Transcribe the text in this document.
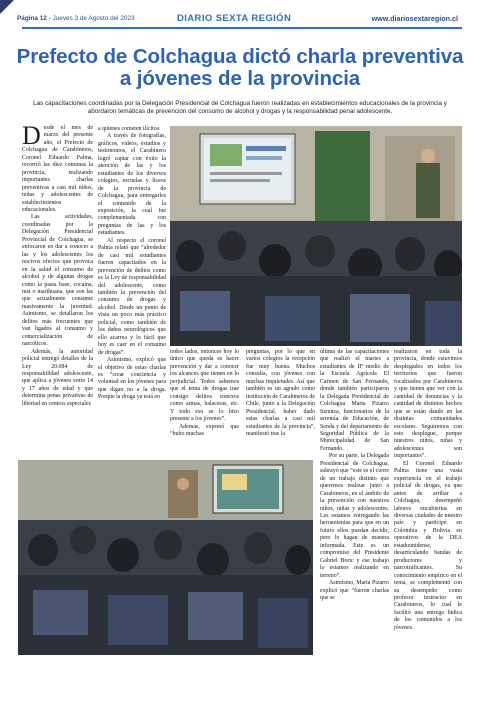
Página 12 - Jueves 3 de Agosto del 2023	DIARIO SEXTA REGIÓN	www.diariosextaregion.cl
Prefecto de Colchagua dictó charla preventiva a jóvenes de la provincia
Las capacitaciones coordinadas por la Delegación Presidencial de Colchagua fueron realizadas en establecimientos educacionales de la provincia y abordaron temáticas de prevención del consumo de alcohol y drogas y la responsabilidad penal adolescente.
D esde el mes de marzo del presente año, el Prefecto de Colchagua de Carabineros, Coronel Eduardo Palma, recorrió las diez comunas la provincia, realizando importantes charlas preventivas a casi mil niños, niñas y adolescentes de establecimientos educacionales.

Las actividades, coordinadas por la Delegación Presidencial Provincial de Colchagua, se enfocaron en dar a conocer a las y los adolescentes los nocivos efectos que provoca en la salud el consumo de alcohol y de algunas drogas como la pasta base, cocaína, tusi o marihuana, que son las que actualmente consume masivamente la juventud. Asimismo, se detallaron los delitos más frecuentes que van ligados al consumo y comercialización de narcóticos.

Además, la autoridad policial entregó detalles de la Ley 20.084 de responsabilidad adolescente, que aplica a jóvenes entre 14 y 17 años de edad y que determina penas privativas de libertad en centros especiales

a quienes cometen ilícitos.

A través de fotografías, gráficos, videos, estudios y testimonios, el Carabinero logró captar con éxito la atención de las y los estudiantes de los diversos colegios, escuelas y liceos de la provincia de Colchagua, para entregarles el contenido de la exposición, la cual fue complementada con preguntas de las y los estudiantes.

Al respecto el coronel Palma relató que “alrededor de casi mil estudiantes fueron capacitados en la prevención de delitos como es la Ley de responsabilidad del adolescente, como también la prevención del consumo de drogas y alcohol. Desde un punto de vista un poco más práctico policial, como también de los daños neurológicos que ello acarrea y lo fácil que hoy es caer en el consumo de drogas”.

Asimismo, explicó que el objetivo de estas charlas es “crear conciencia y voluntad en los jóvenes para que digan no a la droga. Porque la droga ya está en

todos lados, entonces hoy lo único que queda es hacer prevención y dar a conocer los alcances que tienen en lo perjudicial. Todos sabemos que el tema de drogas trae consigo delitos conexos como armas, balaceras, etc. Y todo eso se lo hizo presente a los jóvenes”.

Además, expresó que “hubo muchas

preguntas, por lo que en varios colegios la recepción fue muy buena. Muchos consulta, con jóvenes con muchas inquietudes. Así que también es un agrado como institución de Carabineros de Chile, junto a la Delegación Presidencial, haber dado estas charlas a casi mil estudiantes de la provincia”, manifestó tras la

última de las capacitaciones que realizó el martes a estudiantes de IIº medio de la Escuela Agrícola El Carmen de San Fernando, donde también participaron la Delegada Presidencial de Colchagua Marta Pizarro Inzunza, funcionarios de la seremía de Educación, de Senda y del departamento de Seguridad Pública de la Municipalidad de San Fernando.

Por su parte, la Delegada Presidencial de Colchagua, subrayó que “este es el cierre de un trabajo distinto que queremos realizar junto a Carabineros, en el ámbito de la prevención con nuestros niños, niñas y adolescentes. Les estamos entregando las herramientas para que en un futuro ellos puedan decidir, pero lo hagan de manera informada. Este es un compromiso del Presidente Gabriel Boric y ese trabajo lo estamos realizando en terreno”.

Asimismo, Marta Pizarro explicó que “fueron charlas que se

realizaron en toda la provincia, donde estuvimos desplegados en todos los territorios que fueron focalizados por Carabineros y que tienen que ver con la cantidad de denuncias y la cantidad de distintos hechos que se están dando en las distintas comunidades escolares. Seguiremos con esto desplegue, porque nuestros niños, niñas y adolescentes son importantes”.

El Coronel Eduardo Palma tiene una vasta experiencia en el trabajo policial de drogas, ya que antes de arribar a Colchagua, desempeñó labores encubiertas en diversas ciudades de nuestro país y participó en Colombia y Bolivia en operativos de la DEA estadounidense, desarticulando bandas de productores y narcotraficantes. Su conocimiento empírico en el tema, se complementó con su desempeño como profesor instructor en Carabineros, lo cual le facilitó una entrega lúdica de los contenidos a los jóvenes.
